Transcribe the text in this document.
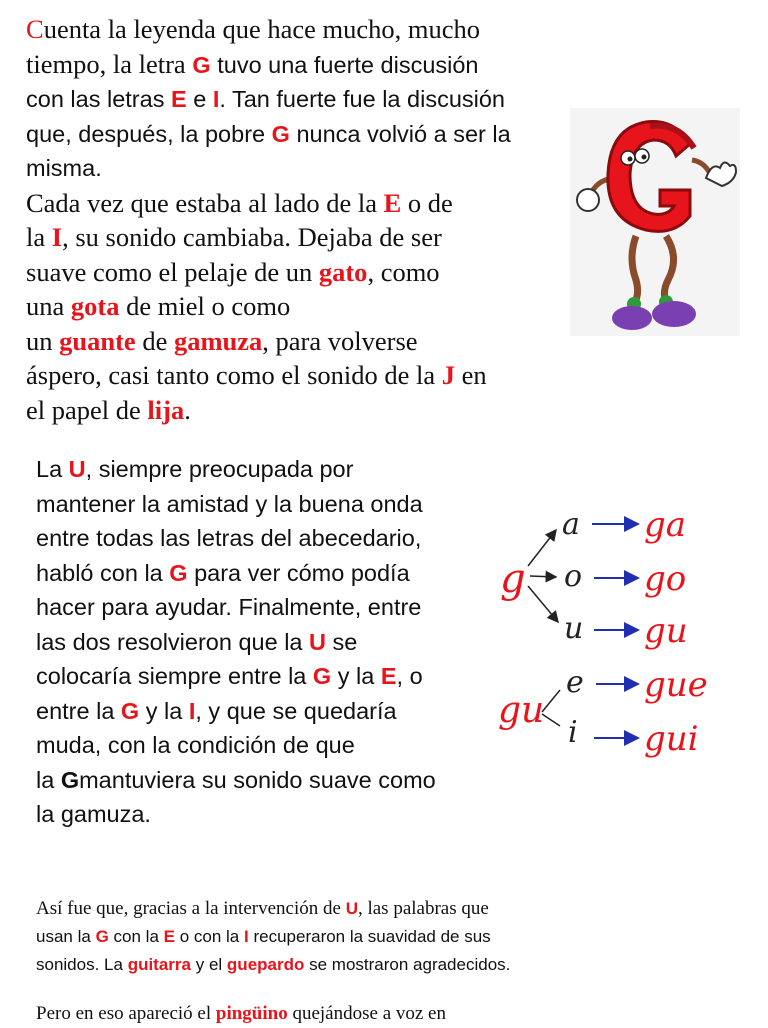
Cuenta la leyenda que hace mucho, mucho
tiempo, la letra G tuvo una fuerte discusión
con las letras E e I. Tan fuerte fue la discusión
que, después, la pobre G nunca volvió a ser la
misma.
Cada vez que estaba al lado de la E o de
la I, su sonido cambiaba. Dejaba de ser
suave como el pelaje de un gato, como
una gota de miel o como
un guante de gamuza, para volverse
áspero, casi tanto como el sonido de la J en
el papel de lija.
La U, siempre preocupada por
mantener la amistad y la buena onda
entre todas las letras del abecedario,
habló con la G para ver cómo podía
hacer para ayudar. Finalmente, entre
las dos resolvieron que la U se
colocaría siempre entre la G y la E, o
entre la G y la I, y que se quedaría
muda, con la condición de que
la Gmantuviera su sonido suave como
la gamuza.
g
gu
a
o
u
e
i
ga
go
gu
gue
gui
Así fue que, gracias a la intervención de U, las palabras que
usan la G con la E o con la I recuperaron la suavidad de sus
sonidos. La guitarra y el guepardo se mostraron agradecidos.
Pero en eso apareció el pingüino quejándose a voz en
